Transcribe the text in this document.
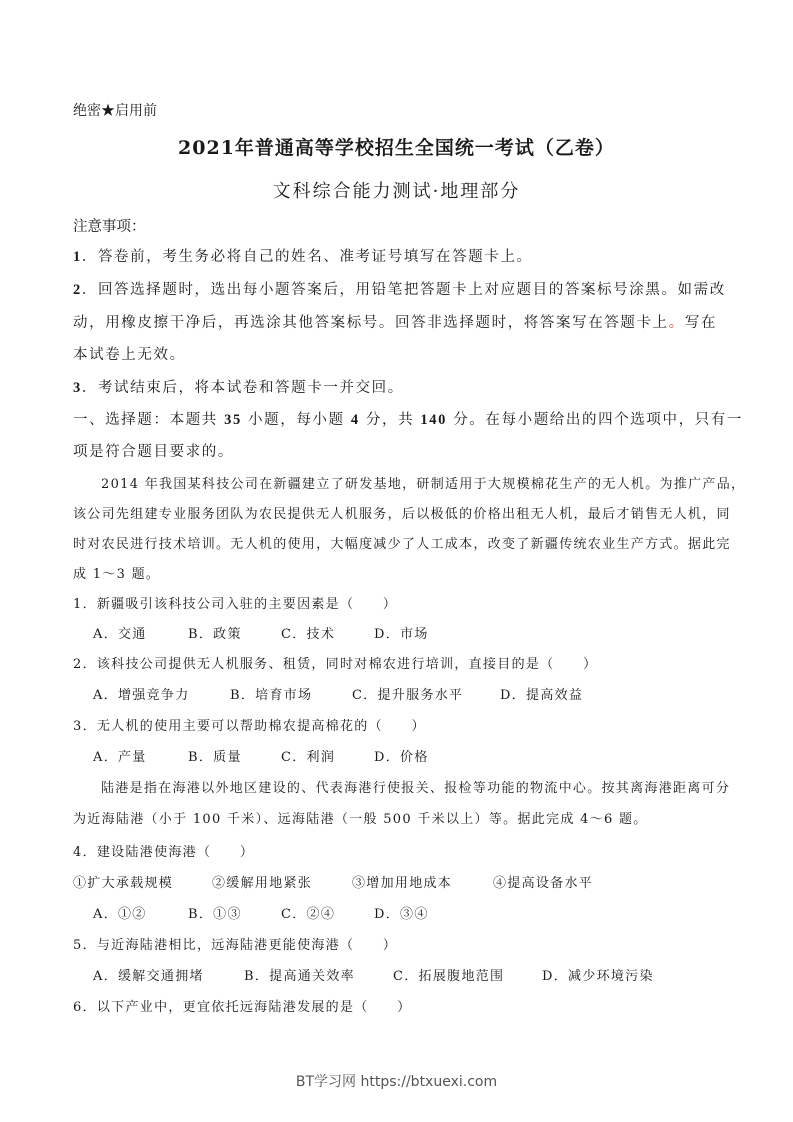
绝密★启用前
2021年普通高等学校招生全国统一考试（乙卷）
文科综合能力测试·地理部分
注意事项：
1．答卷前，考生务必将自己的姓名、准考证号填写在答题卡上。
2．回答选择题时，选出每小题答案后，用铅笔把答题卡上对应题目的答案标号涂黑。如需改
动，用橡皮擦干净后，再选涂其他答案标号。回答非选择题时，将答案写在答题卡上。写在
本试卷上无效。
3．考试结束后，将本试卷和答题卡一并交回。
一、选择题：本题共 35 小题，每小题 4 分，共 140 分。在每小题给出的四个选项中，只有一
项是符合题目要求的。
2014 年我国某科技公司在新疆建立了研发基地，研制适用于大规模棉花生产的无人机。为推广产品，
该公司先组建专业服务团队为农民提供无人机服务，后以极低的价格出租无人机，最后才销售无人机，同
时对农民进行技术培训。无人机的使用，大幅度减少了人工成本，改变了新疆传统农业生产方式。据此完
成 1～3 题。
1．新疆吸引该科技公司入驻的主要因素是（　　）
A．交通	B．政策	C．技术	D．市场
2．该科技公司提供无人机服务、租赁，同时对棉农进行培训，直接目的是（　　）
A．增强竞争力	B．培育市场	C．提升服务水平	D．提高效益
3．无人机的使用主要可以帮助棉农提高棉花的（　　）
A．产量	B．质量	C．利润	D．价格
陆港是指在海港以外地区建设的、代表海港行使报关、报检等功能的物流中心。按其离海港距离可分
为近海陆港（小于 100 千米）、远海陆港（一般 500 千米以上）等。据此完成 4～6 题。
4．建设陆港使海港（　　）
①扩大承载规模	②缓解用地紧张	③增加用地成本	④提高设备水平
A．①②	B．①③	C．②④	D．③④
5．与近海陆港相比，远海陆港更能使海港（　　）
A．缓解交通拥堵	B．提高通关效率	C．拓展腹地范围	D．减少环境污染
6．以下产业中，更宜依托远海陆港发展的是（　　）
BT学习网 https://btxuexi.com
